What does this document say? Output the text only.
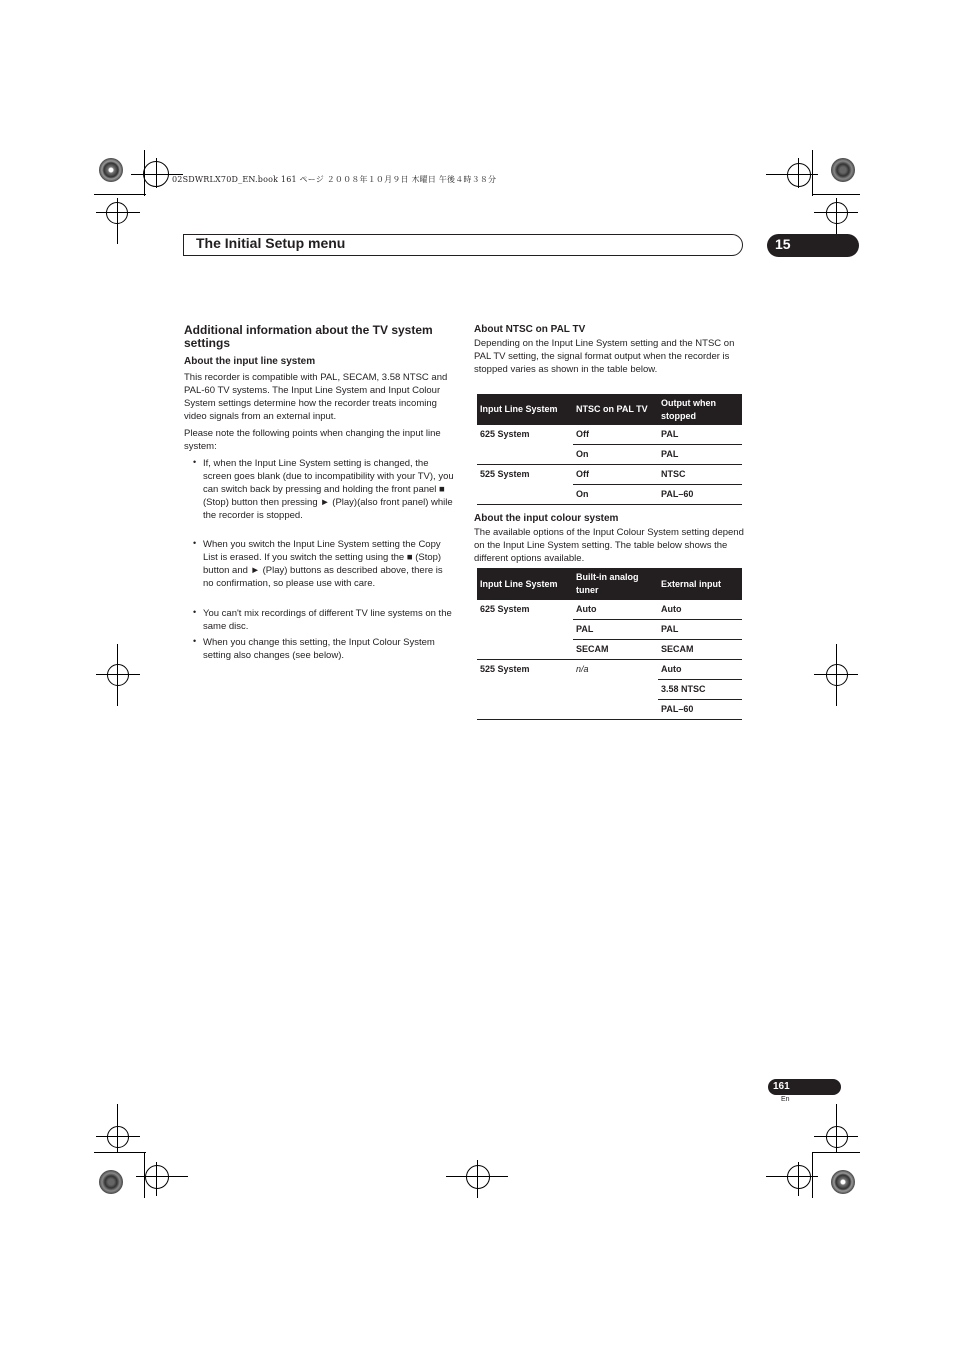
02SDWRLX70D_EN.book 161 ページ ２００８年１０月９日 木曜日 午後４時３８分
The Initial Setup menu	15
Additional information about the TV system settings
About the input line system
This recorder is compatible with PAL, SECAM, 3.58 NTSC and PAL-60 TV systems. The Input Line System and Input Colour System settings determine how the recorder treats incoming video signals from an external input.
Please note the following points when changing the input line system:
• If, when the Input Line System setting is changed, the screen goes blank (due to incompatibility with your TV), you can switch back by pressing and holding the front panel ■ (Stop) button then pressing ► (Play)(also front panel) while the recorder is stopped.
• When you switch the Input Line System setting the Copy List is erased. If you switch the setting using the ■ (Stop) button and ► (Play) buttons as described above, there is no confirmation, so please use with care.
• You can't mix recordings of different TV line systems on the same disc.
• When you change this setting, the Input Colour System setting also changes (see below).
About NTSC on PAL TV
Depending on the Input Line System setting and the NTSC on PAL TV setting, the signal format output when the recorder is stopped varies as shown in the table below.
Input Line System	NTSC on PAL TV	Output when stopped
625 System	Off	PAL
	On	PAL
525 System	Off	NTSC
	On	PAL–60
About the input colour system
The available options of the Input Colour System setting depend on the Input Line System setting. The table below shows the different options available.
Input Line System	Built-in analog tuner	External input
625 System	Auto	Auto
	PAL	PAL
	SECAM	SECAM
525 System	n/a	Auto
		3.58 NTSC
		PAL–60
161
En
